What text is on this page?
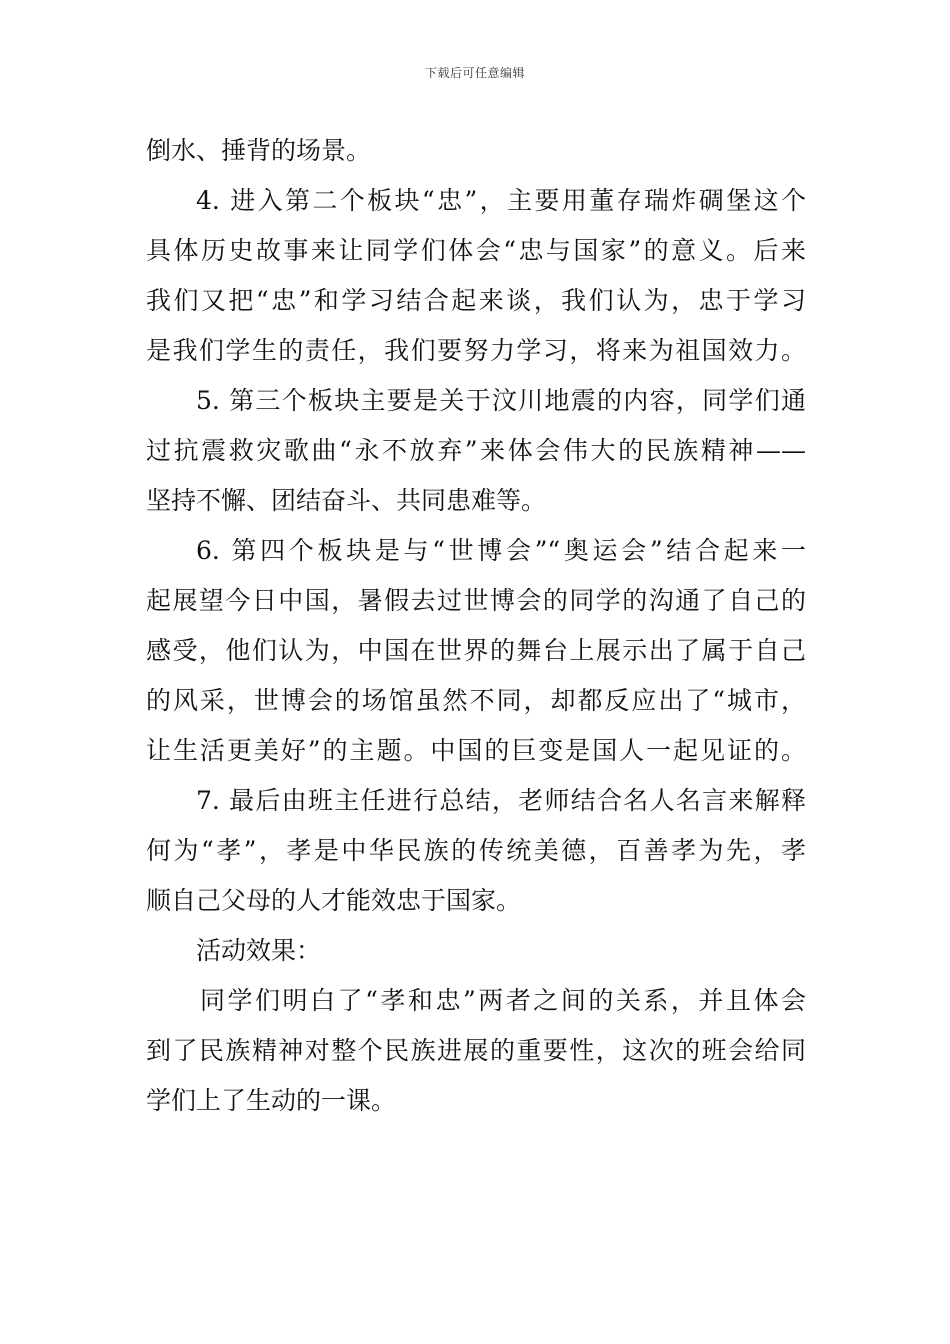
下载后可任意编辑
倒水、捶背的场景。
4. 进入第二个板块“忠”，主要用董存瑞炸碉堡这个
具体历史故事来让同学们体会“忠与国家”的意义。后来
我们又把“忠”和学习结合起来谈，我们认为，忠于学习
是我们学生的责任，我们要努力学习，将来为祖国效力。
5. 第三个板块主要是关于汶川地震的内容，同学们通
过抗震救灾歌曲“永不放弃”来体会伟大的民族精神——
坚持不懈、团结奋斗、共同患难等。
6. 第四个板块是与“世博会”“奥运会”结合起来一
起展望今日中国，暑假去过世博会的同学的沟通了自己的
感受，他们认为，中国在世界的舞台上展示出了属于自己
的风采，世博会的场馆虽然不同，却都反应出了“城市，
让生活更美好”的主题。中国的巨变是国人一起见证的。
7. 最后由班主任进行总结，老师结合名人名言来解释
何为“孝”，孝是中华民族的传统美德，百善孝为先，孝
顺自己父母的人才能效忠于国家。
活动效果：
同学们明白了“孝和忠”两者之间的关系，并且体会
到了民族精神对整个民族进展的重要性，这次的班会给同
学们上了生动的一课。
